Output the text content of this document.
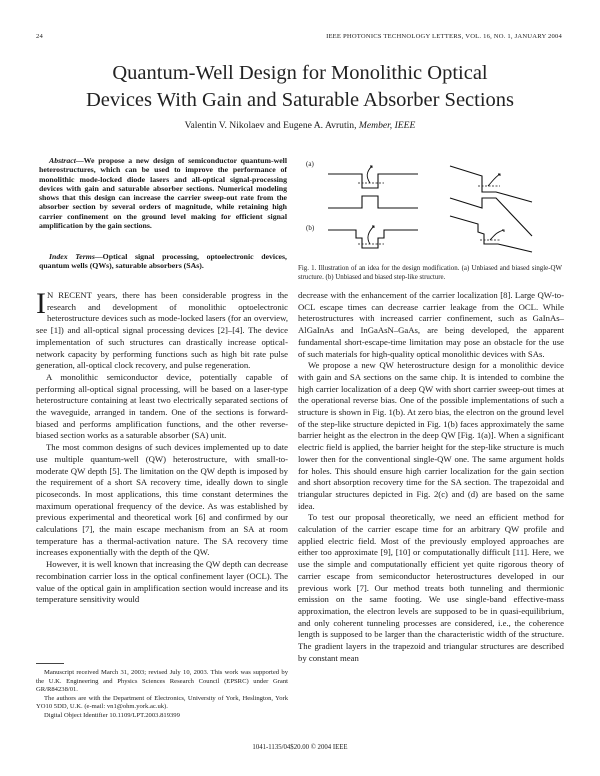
24	IEEE PHOTONICS TECHNOLOGY LETTERS, VOL. 16, NO. 1, JANUARY 2004
Quantum-Well Design for Monolithic Optical
Devices With Gain and Saturable Absorber Sections
Valentin V. Nikolaev and Eugene A. Avrutin, Member, IEEE
Abstract—We propose a new design of semiconductor quantum-well heterostructures, which can be used to improve the performance of monolithic mode-locked diode lasers and all-optical signal-processing devices with gain and saturable absorber sections. Numerical modeling shows that this design can increase the carrier sweep-out rate from the absorber section by several orders of magnitude, while retaining high carrier confinement on the ground level making for efficient signal amplification by the gain sections.
Index Terms—Optical signal processing, optoelectronic devices, quantum wells (QWs), saturable absorbers (SAs).
(a)
(b)
Fig. 1. Illustration of an idea for the design modification. (a) Unbiased and biased single-QW structure. (b) Unbiased and biased step-like structure.

I N RECENT years, there has been considerable progress in the research and development of monolithic optoelectronic heterostructure devices such as mode-locked lasers (for an overview, see [1]) and all-optical signal processing devices [2]–[4]. The device implementation of such structures can drastically increase optical-network capacity by performing functions such as high bit rate pulse generation, all-optical clock recovery, and pulse regeneration.

A monolithic semiconductor device, potentially capable of performing all-optical signal processing, will be based on a laser-type heterostructure containing at least two electrically separated sections of the waveguide, arranged in tandem. One of the sections is forward-biased and performs amplification functions, and the other reverse-biased section works as a saturable absorber (SA) unit.

The most common designs of such devices implemented up to date use multiple quantum-well (QW) heterostructure, with small-to-moderate QW depth [5]. The limitation on the QW depth is imposed by the requirement of a short SA recovery time, ideally down to single picoseconds. In most applications, this time constant determines the maximum operational frequency of the device. As was established by previous experimental and theoretical work [6] and confirmed by our calculations [7], the main escape mechanism from an SA at room temperature has a thermal-activation nature. The SA recovery time increases exponentially with the depth of the QW.

However, it is well known that increasing the QW depth can decrease recombination carrier loss in the optical confinement layer (OCL). The value of the optical gain in amplification section would increase and its temperature sensitivity would

Manuscript received March 31, 2003; revised July 10, 2003. This work was supported by the U.K. Engineering and Physics Sciences Research Council (EPSRC) under Grant GR/R84238/01.

The authors are with the Department of Electronics, University of York, Heslington, York YO10 5DD, U.K. (e-mail: vn1@ohm.york.ac.uk).

Digital Object Identifier 10.1109/LPT.2003.819399

decrease with the enhancement of the carrier localization [8]. Large QW-to-OCL escape times can decrease carrier leakage from the OCL. While heterostructures with increased carrier confinement, such as GaInAs–AlGaInAs and InGaAsN–GaAs, are being developed, the apparent fundamental short-escape-time limitation may pose an obstacle for the use of such materials for high-quality optical monolithic devices with SAs.

We propose a new QW heterostructure design for a monolithic device with gain and SA sections on the same chip. It is intended to combine the high carrier localization of a deep QW with short carrier sweep-out times at the operational reverse bias. One of the possible implementations of such a structure is shown in Fig. 1(b). At zero bias, the electron on the ground level of the step-like structure depicted in Fig. 1(b) faces approximately the same barrier height as the electron in the deep QW [Fig. 1(a)]. When a significant electric field is applied, the barrier height for the step-like structure is much lower then for the conventional single-QW one. The same argument holds for holes. This should ensure high carrier localization for the gain section and short absorption recovery time for the SA section. The trapezoidal and triangular structures depicted in Fig. 2(c) and (d) are based on the same idea.

To test our proposal theoretically, we need an efficient method for calculation of the carrier escape time for an arbitrary QW profile and applied electric field. Most of the previously employed approaches are either too approximate [9], [10] or computationally difficult [11]. Here, we use the simple and computationally efficient yet quite rigorous theory of carrier escape from semiconductor heterostructures developed in our previous work [7]. Our method treats both tunneling and thermionic emission on the same footing. We use single-band effective-mass approximation, the electron levels are supposed to be in quasi-equilibrium, and only coherent tunneling processes are considered, i.e., the coherence length is supposed to be larger than the characteristic width of the structure. The gradient layers in the trapezoid and triangular structures are described by constant mean

1041-1135/04$20.00 © 2004 IEEE
